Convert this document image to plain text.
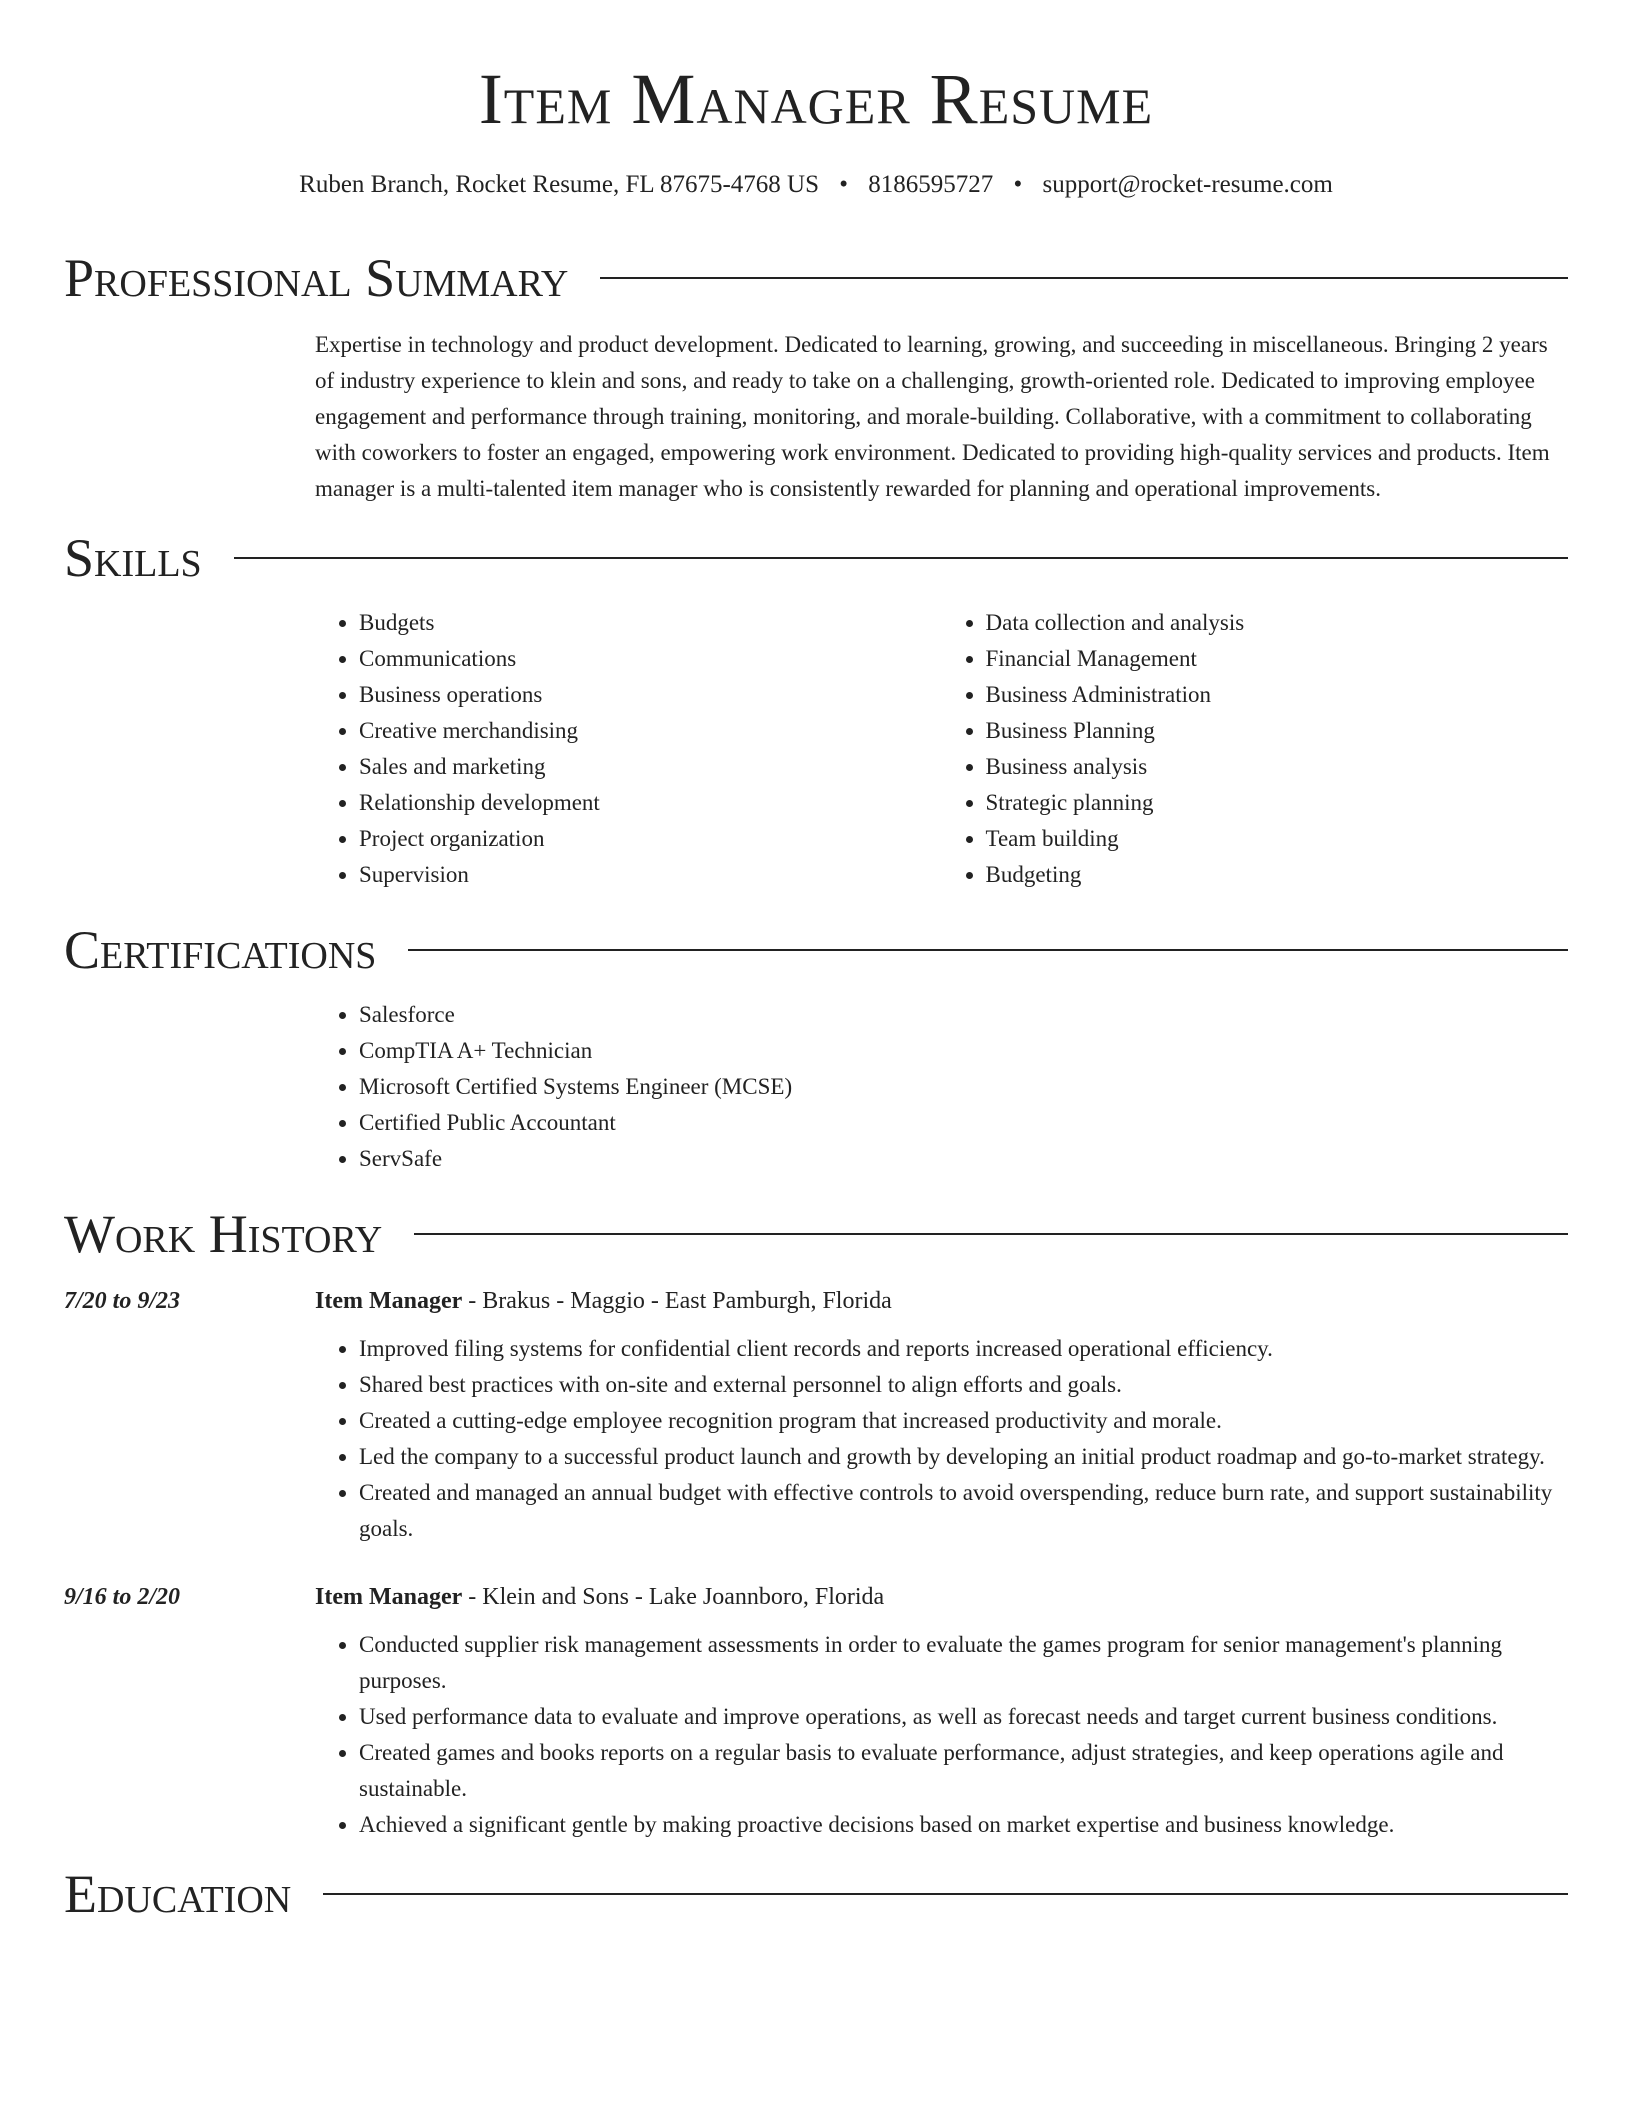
Item Manager Resume
Ruben Branch, Rocket Resume, FL 87675-4768 US • 8186595727 • support@rocket-resume.com
Professional Summary
Expertise in technology and product development. Dedicated to learning, growing, and succeeding in miscellaneous. Bringing 2 years of industry experience to klein and sons, and ready to take on a challenging, growth-oriented role. Dedicated to improving employee engagement and performance through training, monitoring, and morale-building. Collaborative, with a commitment to collaborating with coworkers to foster an engaged, empowering work environment. Dedicated to providing high-quality services and products. Item manager is a multi-talented item manager who is consistently rewarded for planning and operational improvements.
Skills
• Budgets
• Communications
• Business operations
• Creative merchandising
• Sales and marketing
• Relationship development
• Project organization
• Supervision
• Data collection and analysis
• Financial Management
• Business Administration
• Business Planning
• Business analysis
• Strategic planning
• Team building
• Budgeting
Certifications
• Salesforce
• CompTIA A+ Technician
• Microsoft Certified Systems Engineer (MCSE)
• Certified Public Accountant
• ServSafe
Work History
7/20 to 9/23	Item Manager - Brakus - Maggio - East Pamburgh, Florida
• Improved filing systems for confidential client records and reports increased operational efficiency.
• Shared best practices with on-site and external personnel to align efforts and goals.
• Created a cutting-edge employee recognition program that increased productivity and morale.
• Led the company to a successful product launch and growth by developing an initial product roadmap and go-to-market strategy.
• Created and managed an annual budget with effective controls to avoid overspending, reduce burn rate, and support sustainability goals.
9/16 to 2/20	Item Manager - Klein and Sons - Lake Joannboro, Florida
• Conducted supplier risk management assessments in order to evaluate the games program for senior management's planning purposes.
• Used performance data to evaluate and improve operations, as well as forecast needs and target current business conditions.
• Created games and books reports on a regular basis to evaluate performance, adjust strategies, and keep operations agile and sustainable.
• Achieved a significant gentle by making proactive decisions based on market expertise and business knowledge.
Education
